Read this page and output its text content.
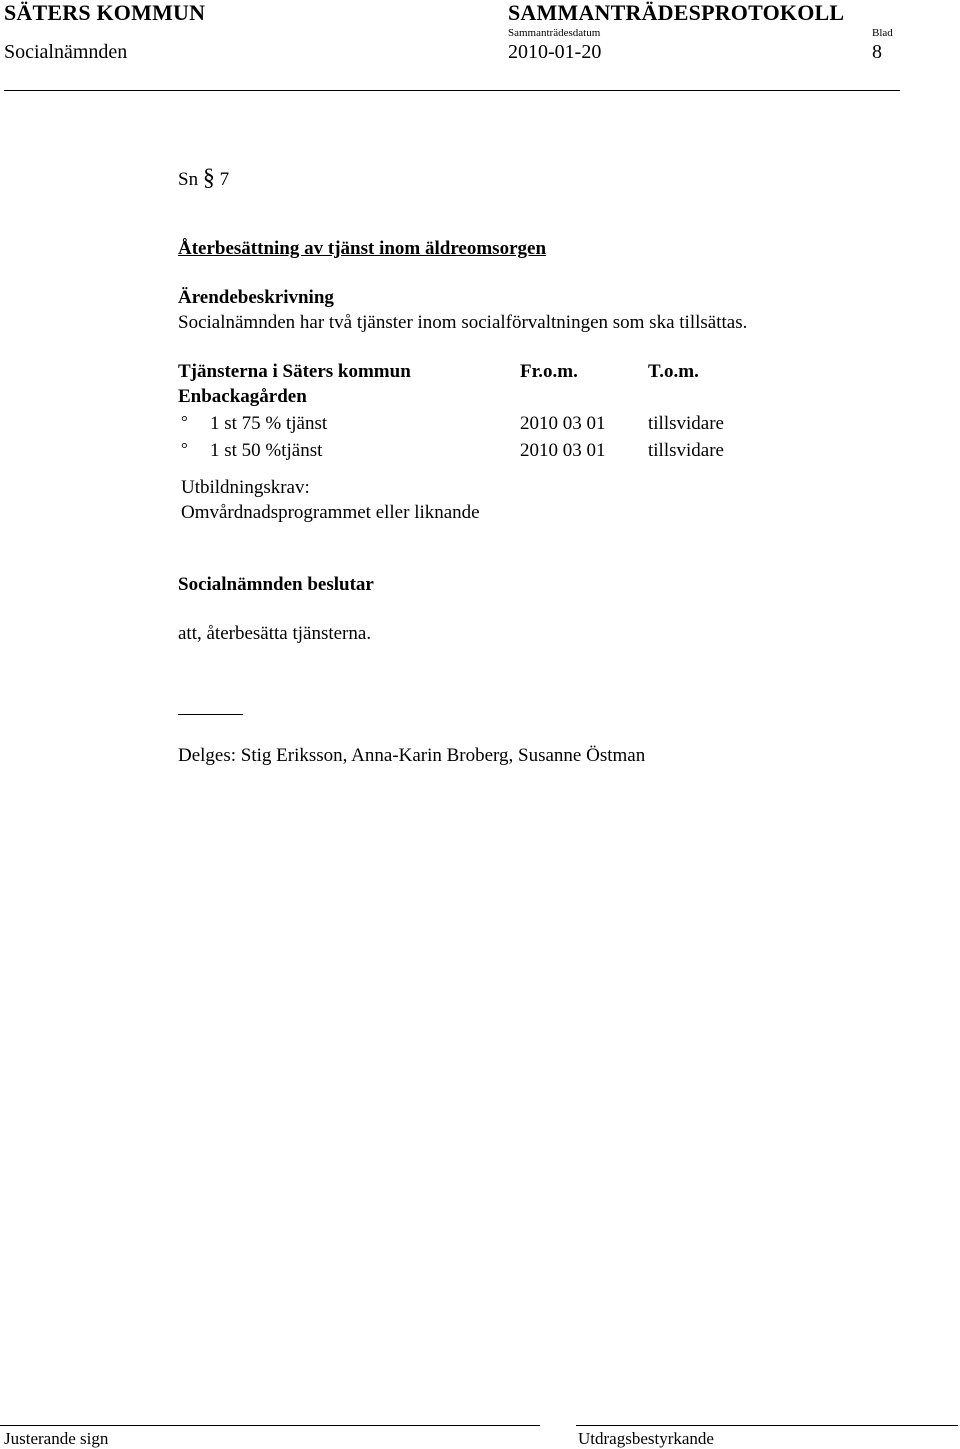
SÄTERS KOMMUN	SAMMANTRÄDESPROTOKOLL
Sammanträdesdatum	Blad
Socialnämnden	2010-01-20	8
Sn § 7
Återbesättning av tjänst inom äldreomsorgen
Ärendebeskrivning
Socialnämnden har två tjänster inom socialförvaltningen som ska tillsättas.
Tjänsterna i Säters kommun	Fr.o.m.	T.o.m.
Enbackagården
° 1 st 75 % tjänst	2010 03 01 tillsvidare
° 1 st 50 %tjänst	2010 03 01 tillsvidare
Utbildningskrav:
Omvårdnadsprogrammet eller liknande
Socialnämnden beslutar
att, återbesätta tjänsterna.
Delges: Stig Eriksson, Anna-Karin Broberg, Susanne Östman
Justerande sign	Utdragsbestyrkande
